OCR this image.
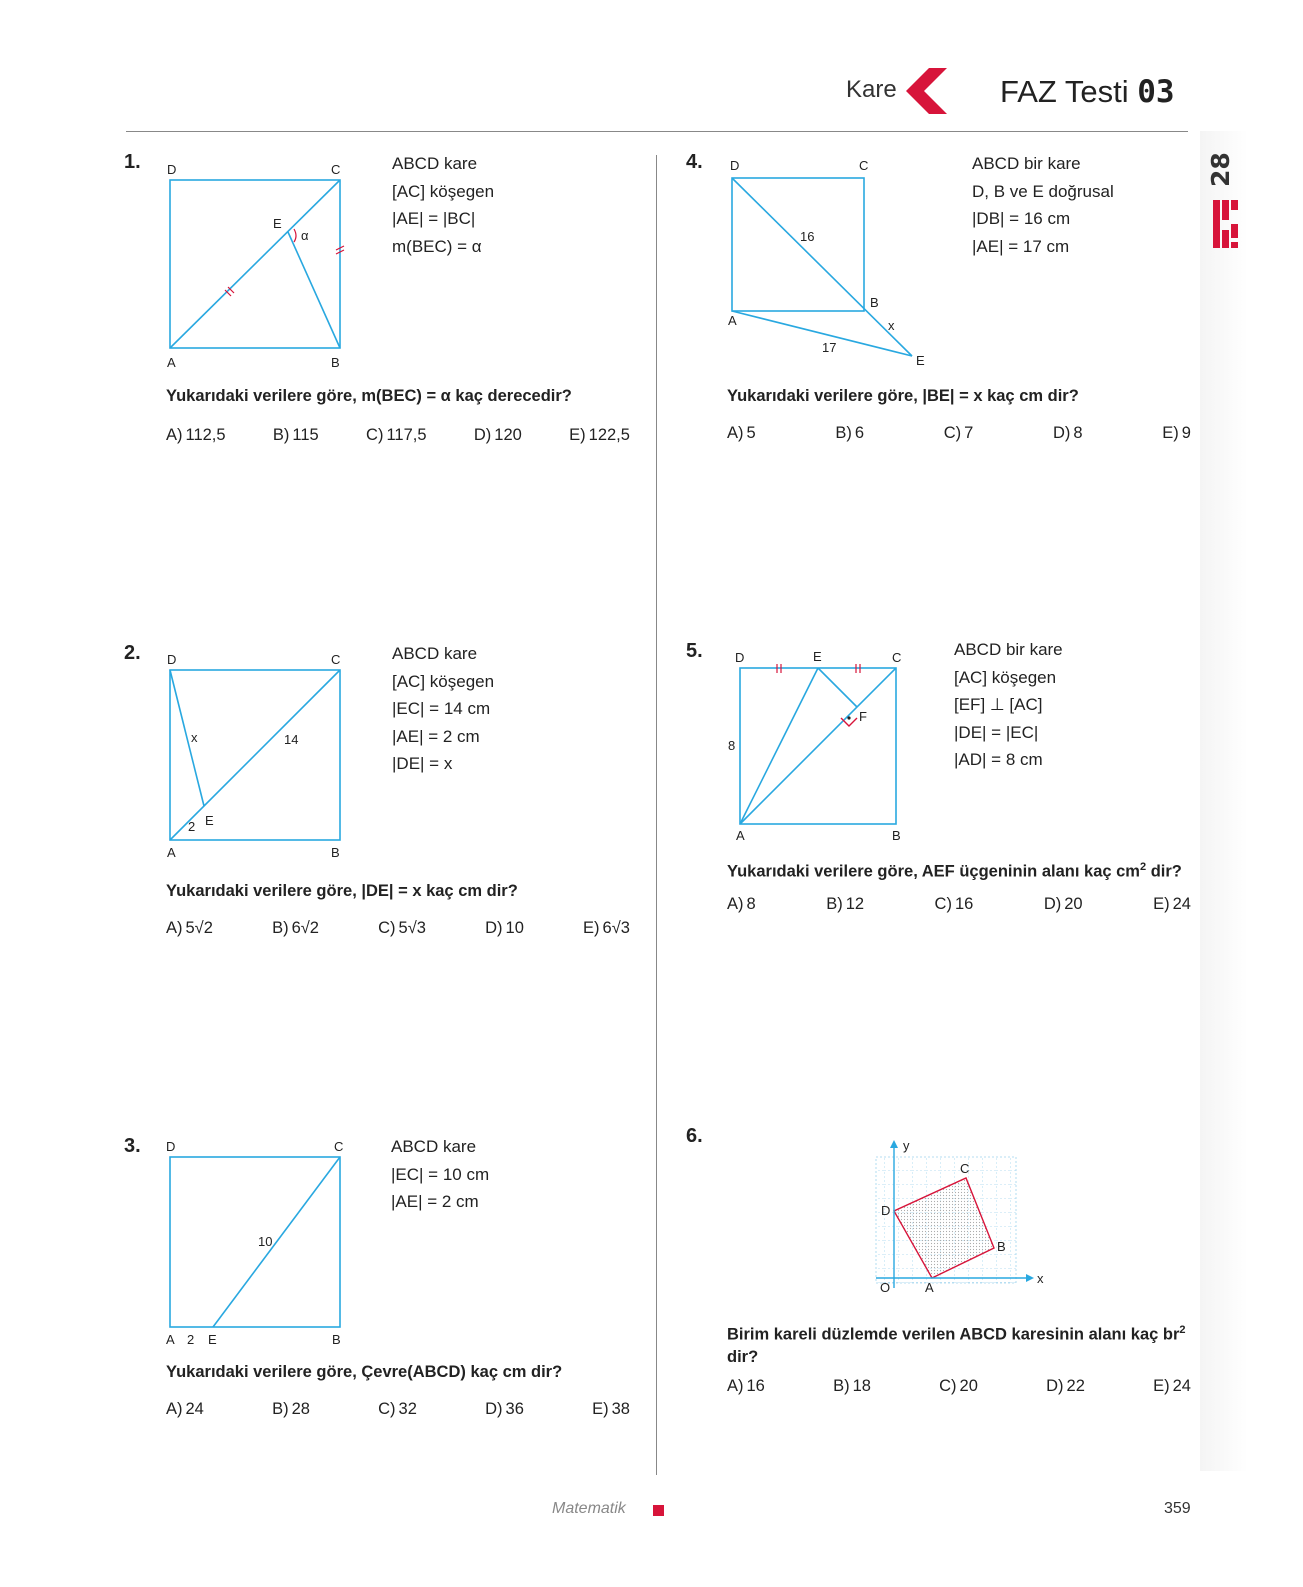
Kare	FAZ Testi 03
28
1. D	C
A	B
E
α
ABCD kare
[AC] köşegen
|AE| = |BC|
m(BEC) = α
Yukarıdaki verilere göre, m(BEC) = α kaç derecedir?
A) 112,5	B) 115	C) 117,5	D) 120	E) 122,5
2. D	C
A	B
E
x	14
2
ABCD kare
[AC] köşegen
|EC| = 14 cm
|AE| = 2 cm
|DE| = x
Yukarıdaki verilere göre, |DE| = x kaç cm dir?
A) 5√2	B) 6√2	C) 5√3	D) 10	E) 6√3
3. D	C
A 2 E	B
10
ABCD kare
|EC| = 10 cm
|AE| = 2 cm
Yukarıdaki verilere göre, Çevre(ABCD) kaç cm dir?
A) 24	B) 28	C) 32	D) 36	E) 38
4. D	C
A
B
E
x
16
17
ABCD bir kare
D, B ve E doğrusal
|DB| = 16 cm
|AE| = 17 cm
Yukarıdaki verilere göre, |BE| = x kaç cm dir?
A) 5	B) 6	C) 7	D) 8	E) 9
5. D	E	C
F
8
A	B
ABCD bir kare
[AC] köşegen
[EF] ⊥ [AC]
|DE| = |EC|
|AD| = 8 cm
Yukarıdaki verilere göre, AEF üçgeninin alanı kaç $cm^2$ dir?
A) 8	B) 12	C) 16	D) 20	E) 24
6.	y
x
O	A
B
C
D
Birim kareli düzlemde verilen ABCD karesinin alanı kaç $br^2$ dir?
A) 16	B) 18	C) 20	D) 22	E) 24
Matematik	359
